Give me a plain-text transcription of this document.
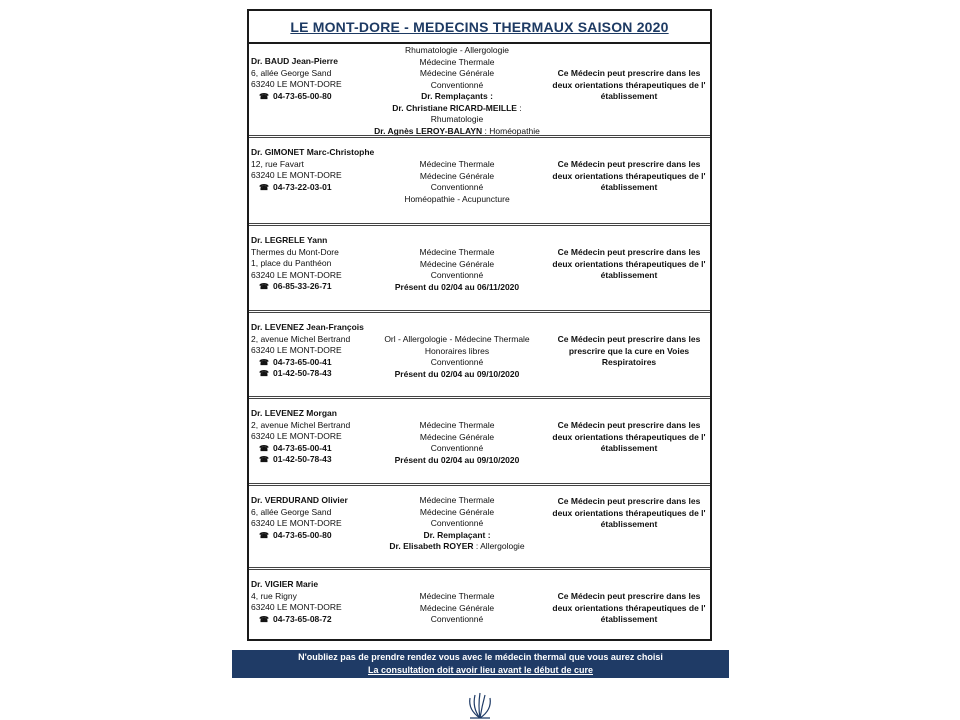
LE MONT-DORE - MEDECINS THERMAUX SAISON 2020
Dr. BAUD Jean-Pierre
6, allée George Sand
63240 LE MONT-DORE
☎ 04-73-65-00-80
Rhumatologie - Allergologie
Médecine Thermale
Médecine Générale
Conventionné
Dr. Remplaçants :
Dr. Christiane RICARD-MEILLE : Rhumatologie
Dr. Agnès LEROY-BALAYN : Homéopathie
Ce Médecin peut prescrire dans les deux orientations thérapeutiques de l' établissement
Dr. GIMONET Marc-Christophe
12, rue Favart
63240 LE MONT-DORE
☎ 04-73-22-03-01
Médecine Thermale
Médecine Générale
Conventionné
Homéopathie - Acupuncture
Ce Médecin peut prescrire dans les deux orientations thérapeutiques de l' établissement
Dr. LEGRELE Yann
Thermes du Mont-Dore
1, place du Panthéon
63240 LE MONT-DORE
☎ 06-85-33-26-71
Médecine Thermale
Médecine Générale
Conventionné
Présent du 02/04 au 06/11/2020
Ce Médecin peut prescrire dans les deux orientations thérapeutiques de l' établissement
Dr. LEVENEZ Jean-François
2, avenue Michel Bertrand
63240 LE MONT-DORE
☎ 04-73-65-00-41
☎ 01-42-50-78-43
Orl - Allergologie - Médecine Thermale
Honoraires libres
Conventionné
Présent du 02/04 au 09/10/2020
Ce Médecin peut prescrire dans les prescrire que la cure en Voies Respiratoires
Dr. LEVENEZ Morgan
2, avenue Michel Bertrand
63240 LE MONT-DORE
☎ 04-73-65-00-41
☎ 01-42-50-78-43
Médecine Thermale
Médecine Générale
Conventionné
Présent du 02/04 au 09/10/2020
Ce Médecin peut prescrire dans les deux orientations thérapeutiques de l' établissement
Dr. VERDURAND Olivier
6, allée George Sand
63240 LE MONT-DORE
☎ 04-73-65-00-80
Médecine Thermale
Médecine Générale
Conventionné
Dr. Remplaçant :
Dr. Elisabeth ROYER : Allergologie
Ce Médecin peut prescrire dans les deux orientations thérapeutiques de l' établissement
Dr. VIGIER Marie
4, rue Rigny
63240 LE MONT-DORE
☎ 04-73-65-08-72
Médecine Thermale
Médecine Générale
Conventionné
Ce Médecin peut prescrire dans les deux orientations thérapeutiques de l' établissement
N'oubliez pas de prendre rendez vous avec le médecin thermal que vous aurez choisi
La consultation doit avoir lieu avant le début de cure
